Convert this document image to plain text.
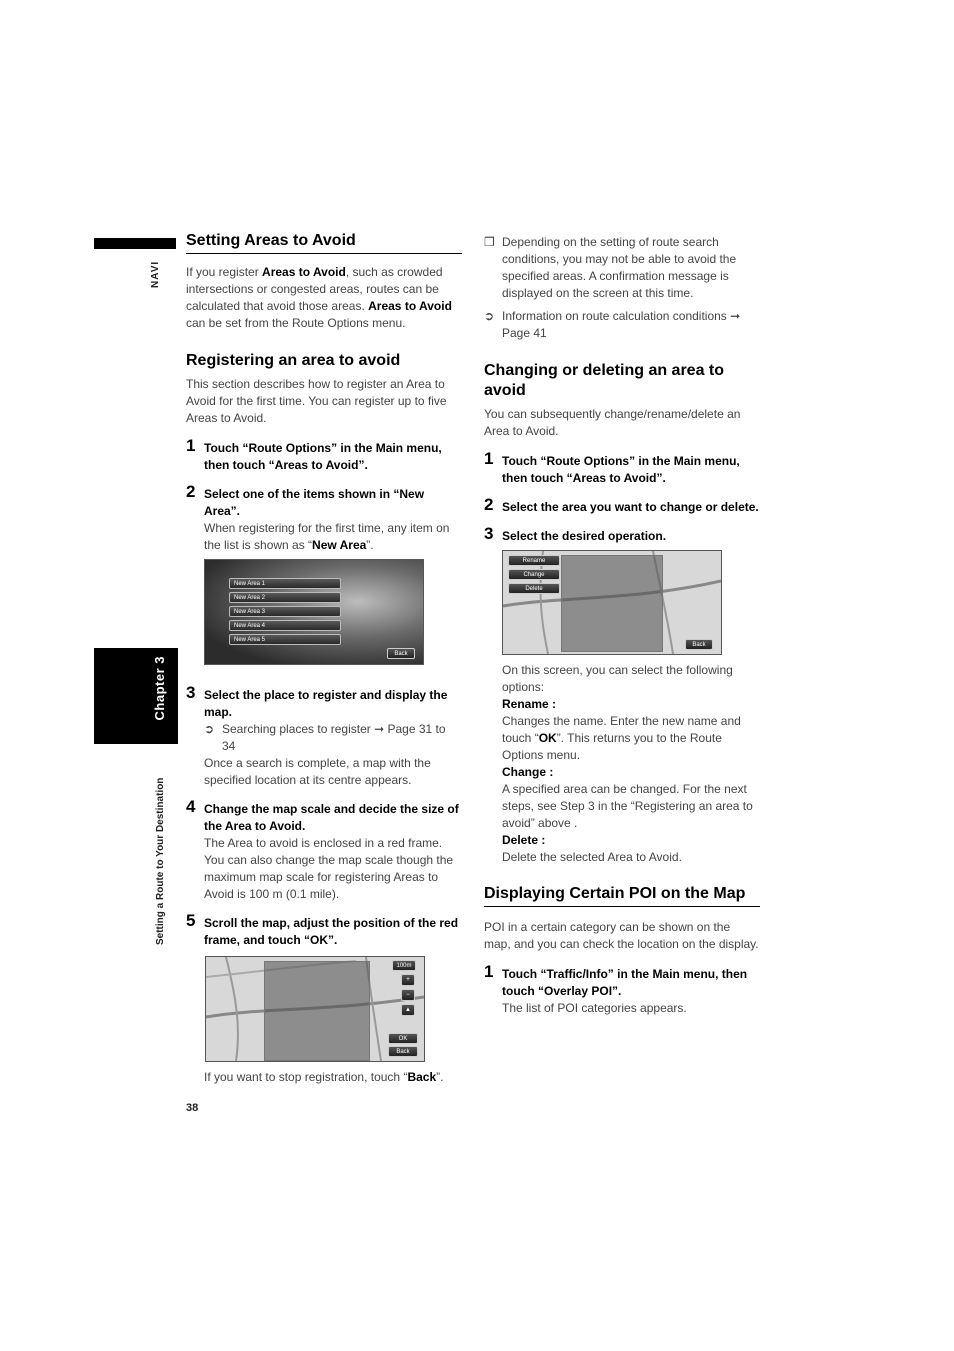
NAVI
Chapter 3
Setting a Route to Your Destination
38
Setting Areas to Avoid

If you register Areas to Avoid, such as crowded intersections or congested areas, routes can be calculated that avoid those areas. Areas to Avoid can be set from the Route Options menu.

Registering an area to avoid

This section describes how to register an Area to Avoid for the first time. You can register up to five Areas to Avoid.

1 Touch “Route Options” in the Main menu, then touch “Areas to Avoid”.
2 Select one of the items shown in “New Area”.

When registering for the first time, any item on the list is shown as “New Area”.

New Area 1
New Area 2
New Area 3
New Area 4
New Area 5
Back
3 Select the place to register and display the map.
➲ Searching places to register ➞ Page 31 to 34

Once a search is complete, a map with the specified location at its centre appears.

4 Change the map scale and decide the size of the Area to Avoid.

The Area to avoid is enclosed in a red frame. You can also change the map scale though the maximum map scale for registering Areas to Avoid is 100 m (0.1 mile).

5 Scroll the map, adjust the position of the red frame, and touch “OK”.
100m
+
−
▲
OK
Back

If you want to stop registration, touch “Back”.

❒ Depending on the setting of route search conditions, you may not be able to avoid the specified areas. A confirmation message is displayed on the screen at this time.
➲ Information on route calculation conditions ➞ Page 41
Changing or deleting an area to avoid

You can subsequently change/rename/delete an Area to Avoid.

1 Touch “Route Options” in the Main menu, then touch “Areas to Avoid”.
2 Select the area you want to change or delete.
3 Select the desired operation.
Rename
Change
Delete
Back

On this screen, you can select the following options:

Rename :

Changes the name. Enter the new name and touch “OK”. This returns you to the Route Options menu.

Change :

A specified area can be changed. For the next steps, see Step 3 in the “Registering an area to avoid” above .

Delete :

Delete the selected Area to Avoid.

Displaying Certain POI on the Map

POI in a certain category can be shown on the map, and you can check the location on the display.

1 Touch “Traffic/Info” in the Main menu, then touch “Overlay POI”.

The list of POI categories appears.
